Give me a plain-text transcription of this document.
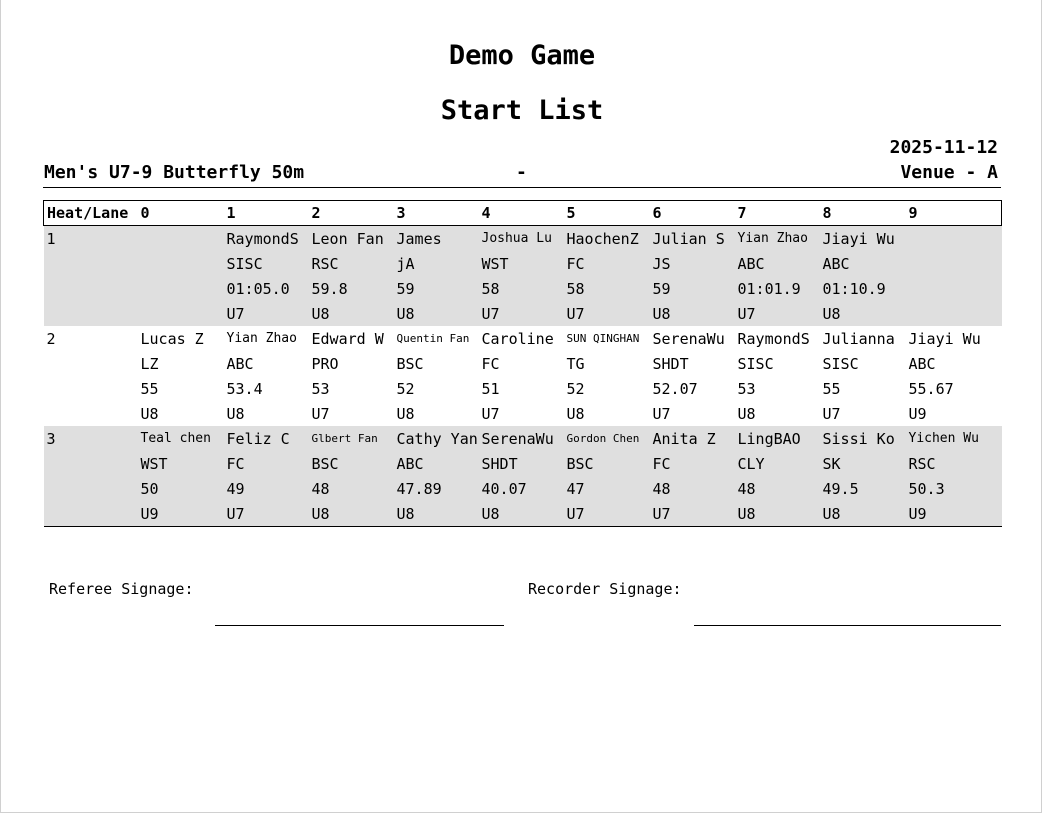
Demo Game
Start List
2025-11-12
Men's U7-9 Butterfly 50m	-	Venue - A
Heat/Lane	0	1	2	3	4	5	6	7	8	9
1		RaymondS	Leon Fan	James	Joshua Lu	HaochenZ	Julian S	Yian Zhao	Jiayi Wu	
		SISC	RSC	jA	WST	FC	JS	ABC	ABC	
		01:05.0	59.8	59	58	58	59	01:01.9	01:10.9	
		U7	U8	U8	U7	U7	U8	U7	U8	
2	Lucas Z	Yian Zhao	Edward W	Quentin Fan	Caroline	SUN QINGHAN	SerenaWu	RaymondS	Julianna	Jiayi Wu
	LZ	ABC	PRO	BSC	FC	TG	SHDT	SISC	SISC	ABC
	55	53.4	53	52	51	52	52.07	53	55	55.67
	U8	U8	U7	U8	U7	U8	U7	U8	U7	U9
3	Teal chen	Feliz C	Glbert Fan	Cathy Yan	SerenaWu	Gordon Chen	Anita Z	LingBAO	Sissi Ko	Yichen Wu
	WST	FC	BSC	ABC	SHDT	BSC	FC	CLY	SK	RSC
	50	49	48	47.89	40.07	47	48	48	49.5	50.3
	U9	U7	U8	U8	U8	U7	U7	U8	U8	U9
Referee Signage:	Recorder Signage:
